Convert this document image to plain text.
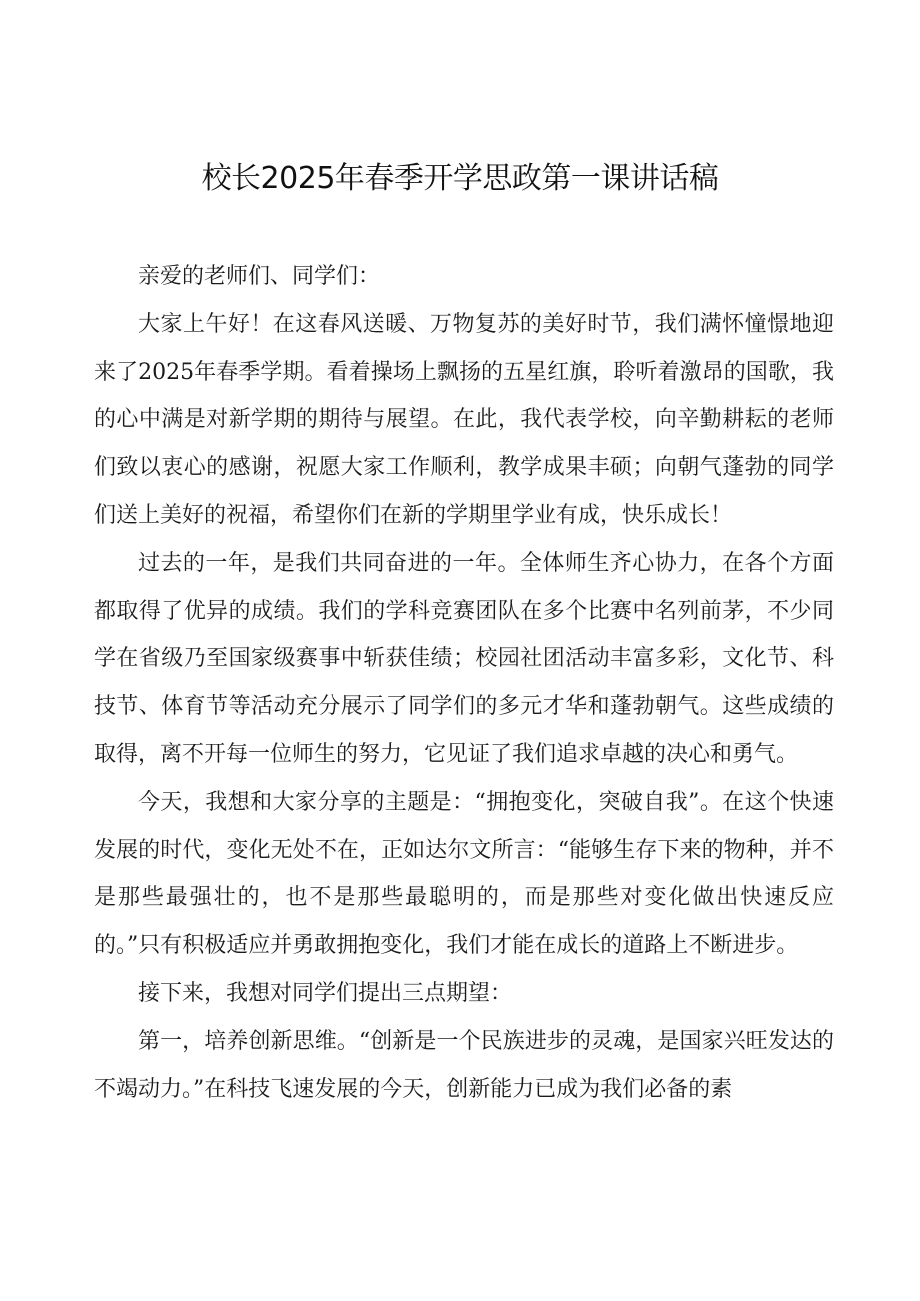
校长2025年春季开学思政第一课讲话稿

亲爱的老师们、同学们：

大家上午好！在这春风送暖、万物复苏的美好时节，我们满怀憧憬地迎来了2025年春季学期。看着操场上飘扬的五星红旗，聆听着激昂的国歌，我的心中满是对新学期的期待与展望。在此，我代表学校，向辛勤耕耘的老师们致以衷心的感谢，祝愿大家工作顺利，教学成果丰硕；向朝气蓬勃的同学们送上美好的祝福，希望你们在新的学期里学业有成，快乐成长！

过去的一年，是我们共同奋进的一年。全体师生齐心协力，在各个方面都取得了优异的成绩。我们的学科竞赛团队在多个比赛中名列前茅，不少同学在省级乃至国家级赛事中斩获佳绩；校园社团活动丰富多彩，文化节、科技节、体育节等活动充分展示了同学们的多元才华和蓬勃朝气。这些成绩的取得，离不开每一位师生的努力，它见证了我们追求卓越的决心和勇气。

今天，我想和大家分享的主题是：“拥抱变化，突破自我”。在这个快速发展的时代，变化无处不在，正如达尔文所言：“能够生存下来的物种，并不是那些最强壮的，也不是那些最聪明的，而是那些对变化做出快速反应的。”只有积极适应并勇敢拥抱变化，我们才能在成长的道路上不断进步。

接下来，我想对同学们提出三点期望：

第一，培养创新思维。“创新是一个民族进步的灵魂，是国家兴旺发达的不竭动力。”在科技飞速发展的今天，创新能力已成为我们必备的素
